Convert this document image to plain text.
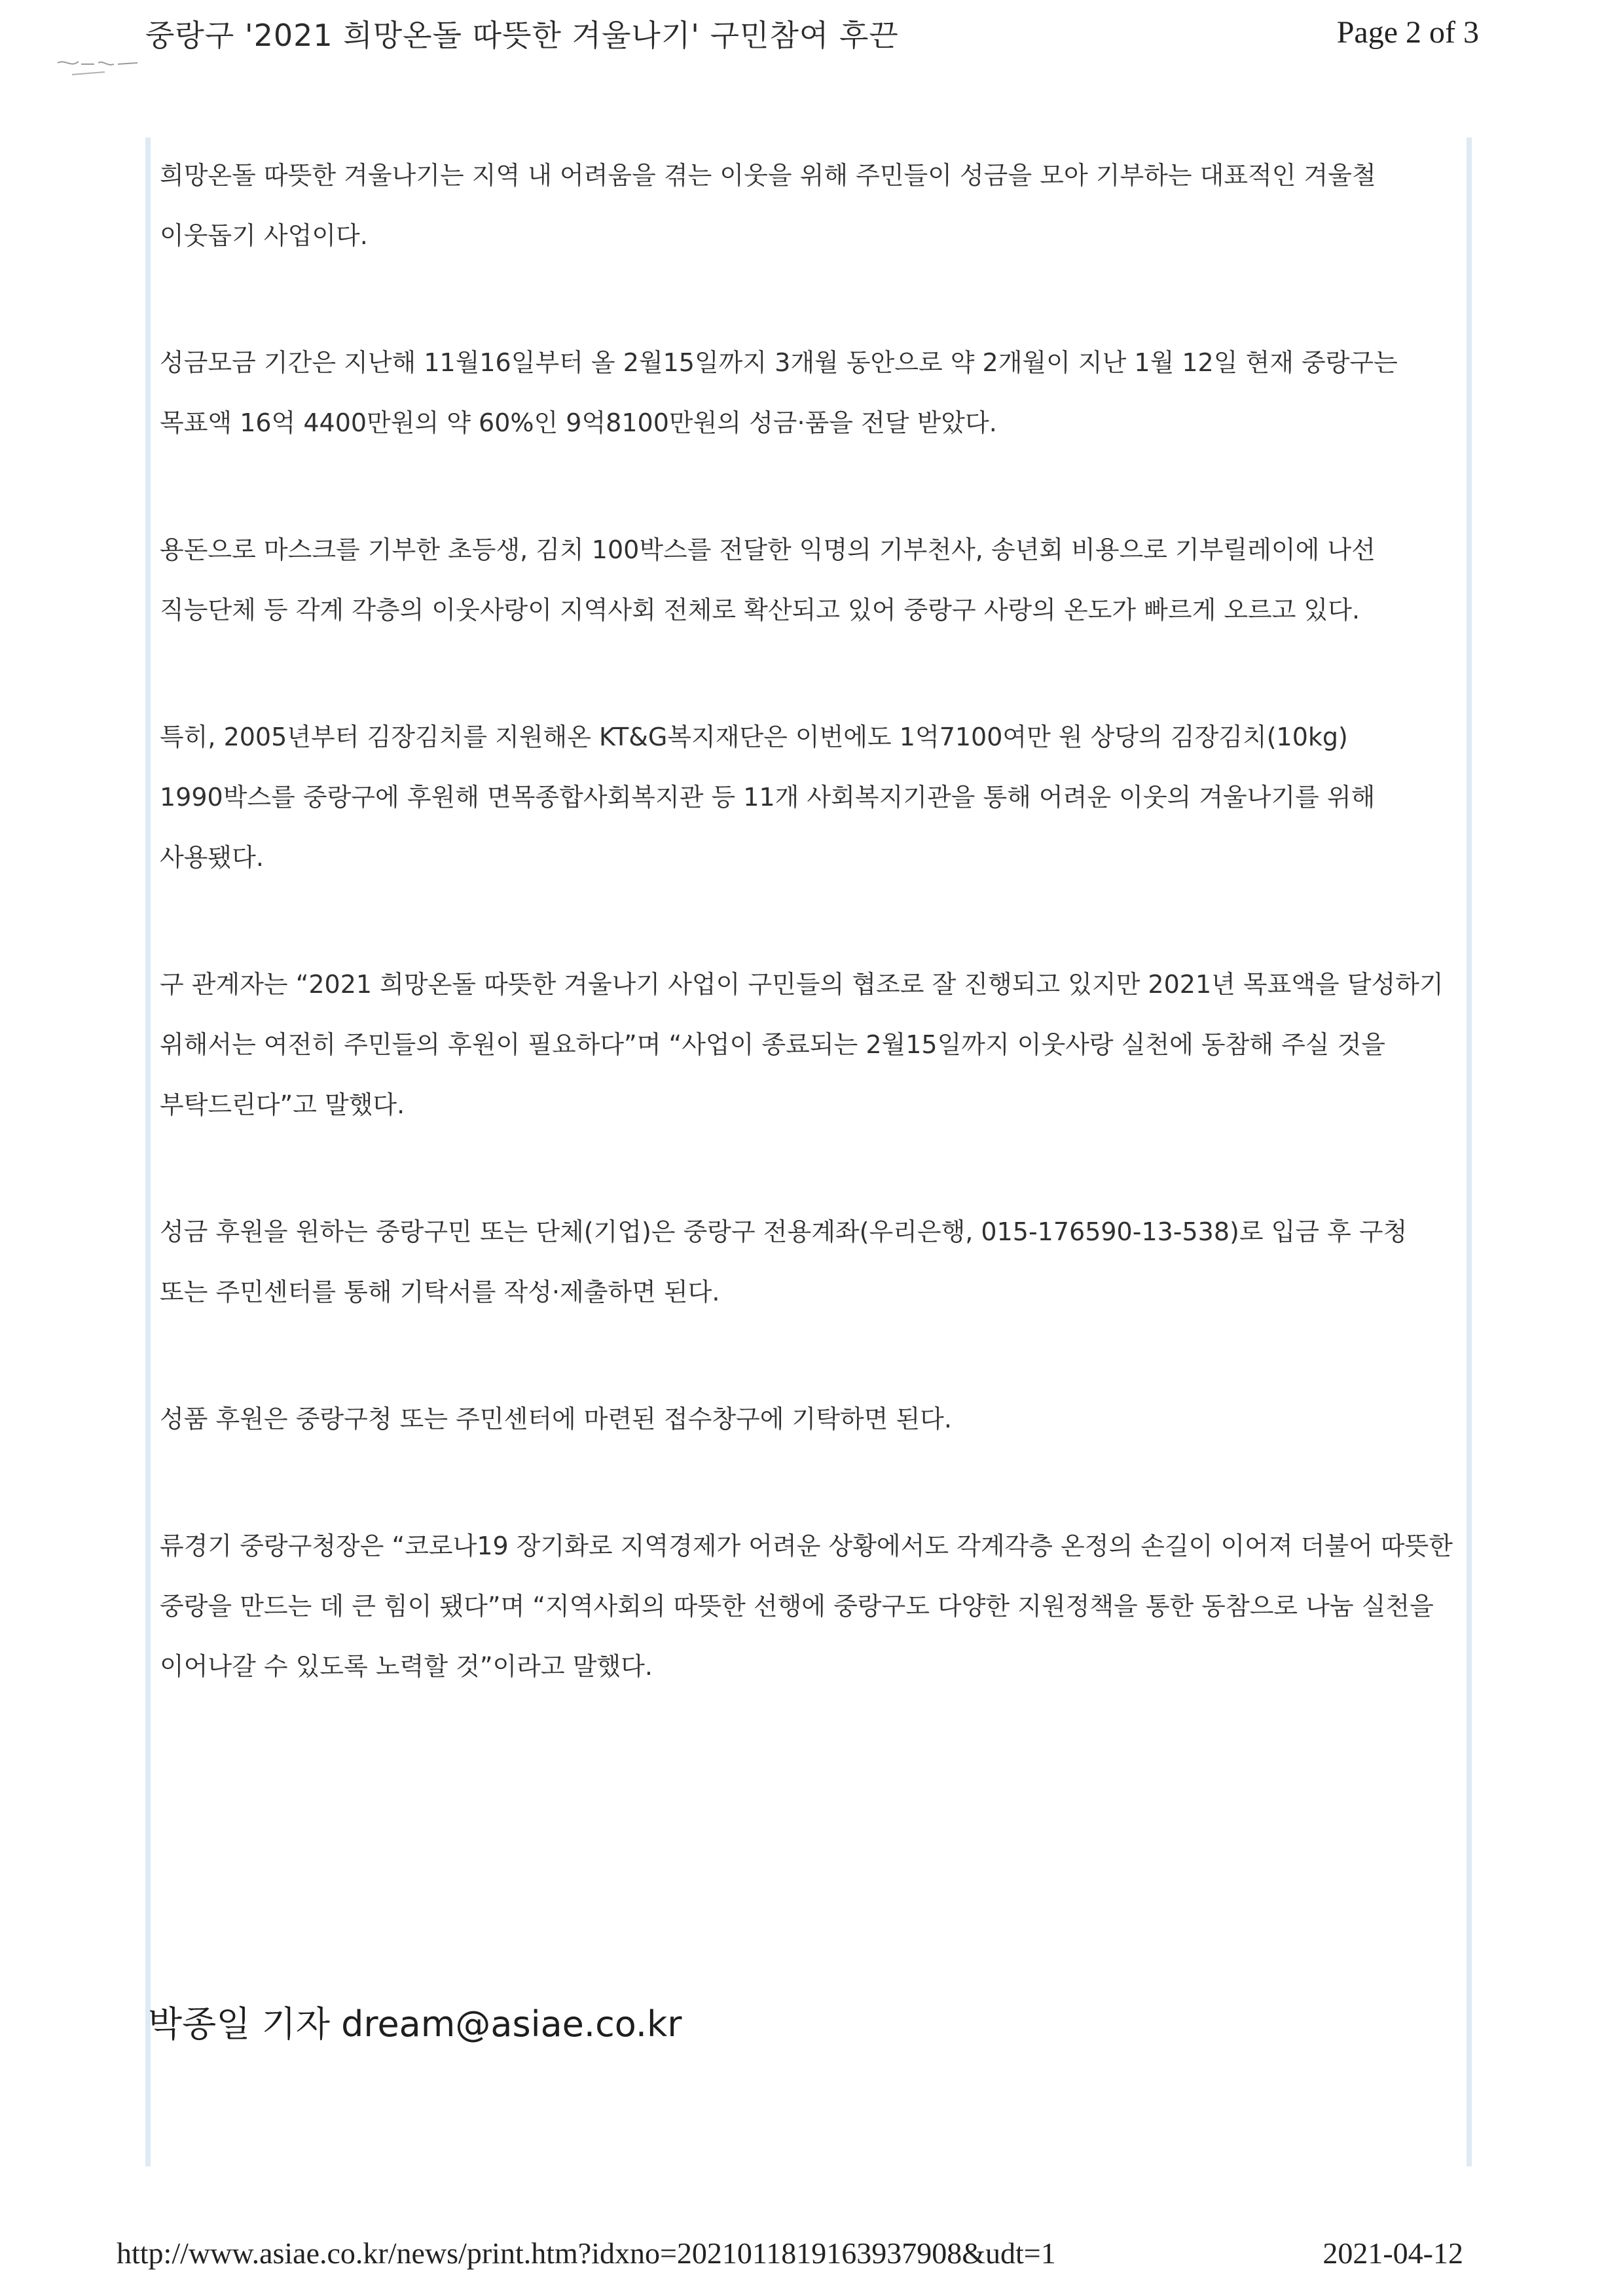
중랑구 '2021 희망온돌 따뜻한 겨울나기' 구민참여 후끈	Page 2 of 3

희망온돌 따뜻한 겨울나기는 지역 내 어려움을 겪는 이웃을 위해 주민들이 성금을 모아 기부하는 대표적인 겨울철 이웃돕기 사업이다.

성금모금 기간은 지난해 11월16일부터 올 2월15일까지 3개월 동안으로 약 2개월이 지난 1월 12일 현재 중랑구는 목표액 16억 4400만원의 약 60%인 9억8100만원의 성금·품을 전달 받았다.

용돈으로 마스크를 기부한 초등생, 김치 100박스를 전달한 익명의 기부천사, 송년회 비용으로 기부릴레이에 나선 직능단체 등 각계 각층의 이웃사랑이 지역사회 전체로 확산되고 있어 중랑구 사랑의 온도가 빠르게 오르고 있다.

특히, 2005년부터 김장김치를 지원해온 KT&G복지재단은 이번에도 1억7100여만 원 상당의 김장김치(10kg) 1990박스를 중랑구에 후원해 면목종합사회복지관 등 11개 사회복지기관을 통해 어려운 이웃의 겨울나기를 위해 사용됐다.

구 관계자는 “2021 희망온돌 따뜻한 겨울나기 사업이 구민들의 협조로 잘 진행되고 있지만 2021년 목표액을 달성하기 위해서는 여전히 주민들의 후원이 필요하다”며 “사업이 종료되는 2월15일까지 이웃사랑 실천에 동참해 주실 것을 부탁드린다”고 말했다.

성금 후원을 원하는 중랑구민 또는 단체(기업)은 중랑구 전용계좌(우리은행, 015-176590-13-538)로 입금 후 구청 또는 주민센터를 통해 기탁서를 작성·제출하면 된다.

성품 후원은 중랑구청 또는 주민센터에 마련된 접수창구에 기탁하면 된다.

류경기 중랑구청장은 “코로나19 장기화로 지역경제가 어려운 상황에서도 각계각층 온정의 손길이 이어져 더불어 따뜻한 중랑을 만드는 데 큰 힘이 됐다”며 “지역사회의 따뜻한 선행에 중랑구도 다양한 지원정책을 통한 동참으로 나눔 실천을 이어나갈 수 있도록 노력할 것”이라고 말했다.

박종일 기자 dream@asiae.co.kr
http://www.asiae.co.kr/news/print.htm?idxno=2021011819163937908&udt=1	2021-04-12
